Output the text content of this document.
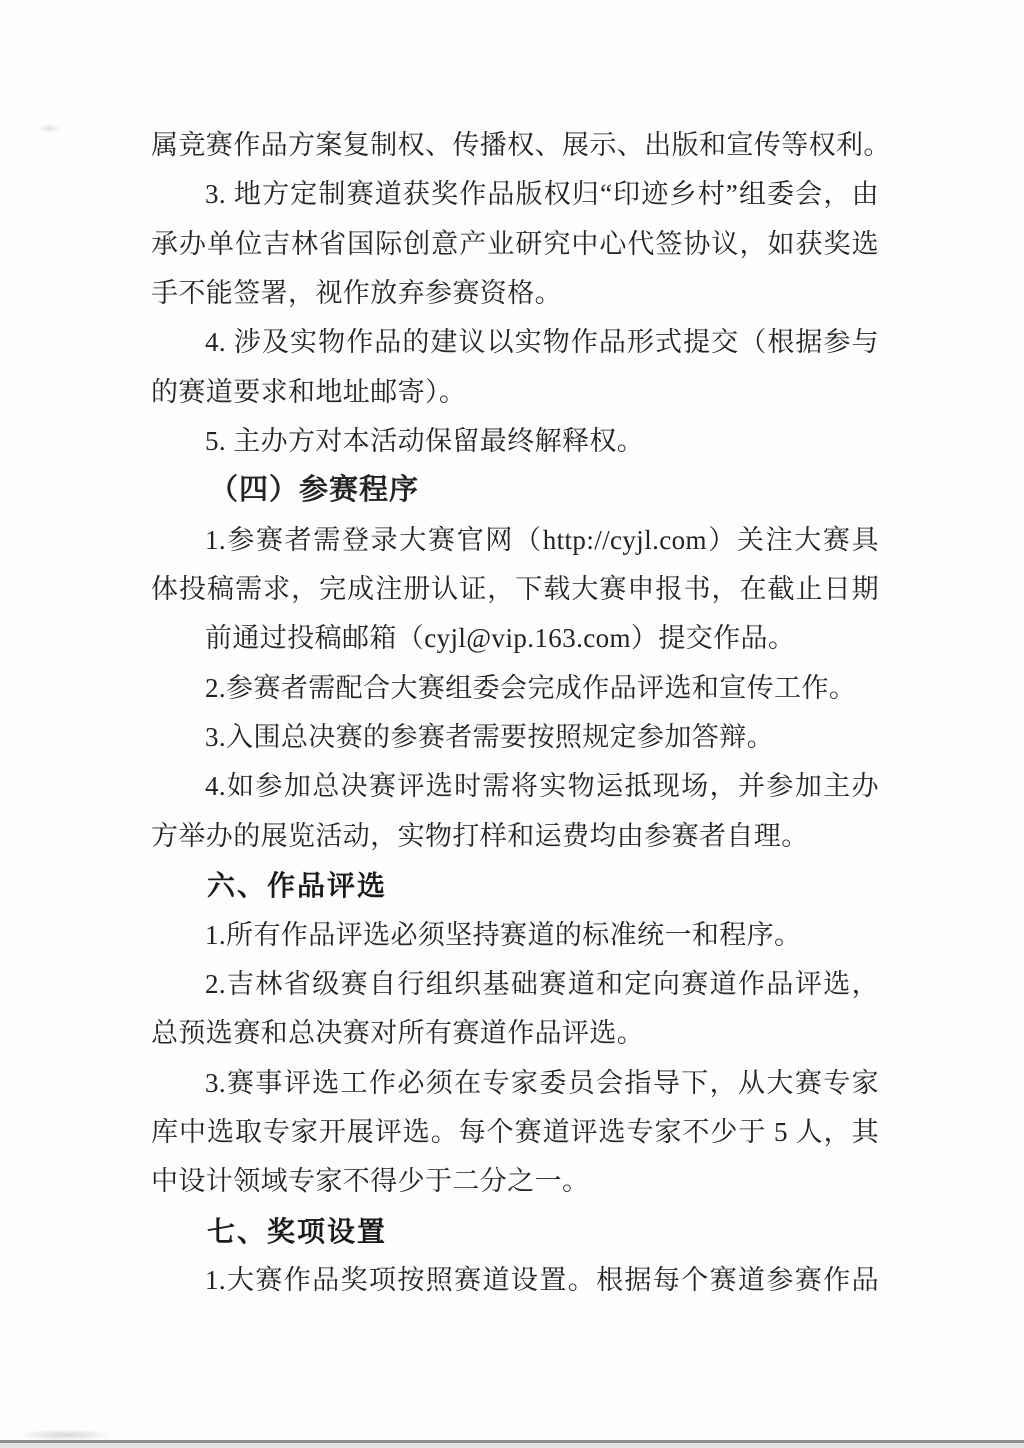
属竞赛作品方案复制权、传播权、展示、出版和宣传等权利。

3. 地方定制赛道获奖作品版权归“印迹乡村”组委会，由

承办单位吉林省国际创意产业研究中心代签协议，如获奖选

手不能签署，视作放弃参赛资格。

4. 涉及实物作品的建议以实物作品形式提交（根据参与

的赛道要求和地址邮寄）。

5. 主办方对本活动保留最终解释权。

（四）参赛程序

1.参赛者需登录大赛官网（http://cyjl.com）关注大赛具

体投稿需求，完成注册认证，下载大赛申报书，在截止日期

前通过投稿邮箱（cyjl@vip.163.com）提交作品。

2.参赛者需配合大赛组委会完成作品评选和宣传工作。

3.入围总决赛的参赛者需要按照规定参加答辩。

4.如参加总决赛评选时需将实物运抵现场，并参加主办

方举办的展览活动，实物打样和运费均由参赛者自理。

六、作品评选

1.所有作品评选必须坚持赛道的标准统一和程序。

2.吉林省级赛自行组织基础赛道和定向赛道作品评选，

总预选赛和总决赛对所有赛道作品评选。

3.赛事评选工作必须在专家委员会指导下，从大赛专家

库中选取专家开展评选。每个赛道评选专家不少于 5 人，其

中设计领域专家不得少于二分之一。

七、奖项设置

1.大赛作品奖项按照赛道设置。根据每个赛道参赛作品
